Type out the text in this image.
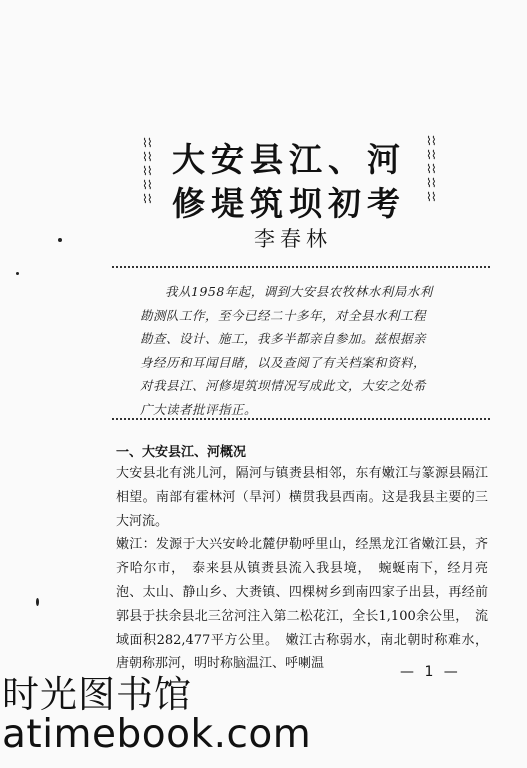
⌇⌇
⌇⌇
⌇⌇
⌇⌇
⌇⌇
⌇⌇
⌇⌇
⌇⌇
⌇⌇
⌇⌇
大安县江、河
修堤筑坝初考
李春林

我从1958年起，调到大安县农牧林水利局水利

勘测队工作，至今已经二十多年，对全县水利工程

勘查、设计、施工，我多半都亲自参加。兹根据亲

身经历和耳闻目睹，以及查阅了有关档案和资料，

对我县江、河修堤筑坝情况写成此文，大安之处希

广大读者批评指正。

一、大安县江、河概况

大安县北有洮儿河，隔河与镇赉县相邻，东有嫩江与篆源县隔江相望。南部有霍林河（旱河）横贯我县西南。这是我县主要的三大河流。

嫩江：发源于大兴安岭北麓伊勒呼里山，经黑龙江省嫩江县，齐齐哈尔市，　泰来县从镇赉县流入我县境，　蜿蜒南下，经月亮泡、太山、静山乡、大赉镇、四棵树乡到南四家子出县，再经前郭县于扶余县北三岔河注入第二松花江，全长1,100余公里，　流域面积282,477平方公里。　嫩江古称弱水，南北朝时称难水，唐朝称那河，明时称脑温江、呼喇温

— 1 —
时光图书馆
atimebook.com
